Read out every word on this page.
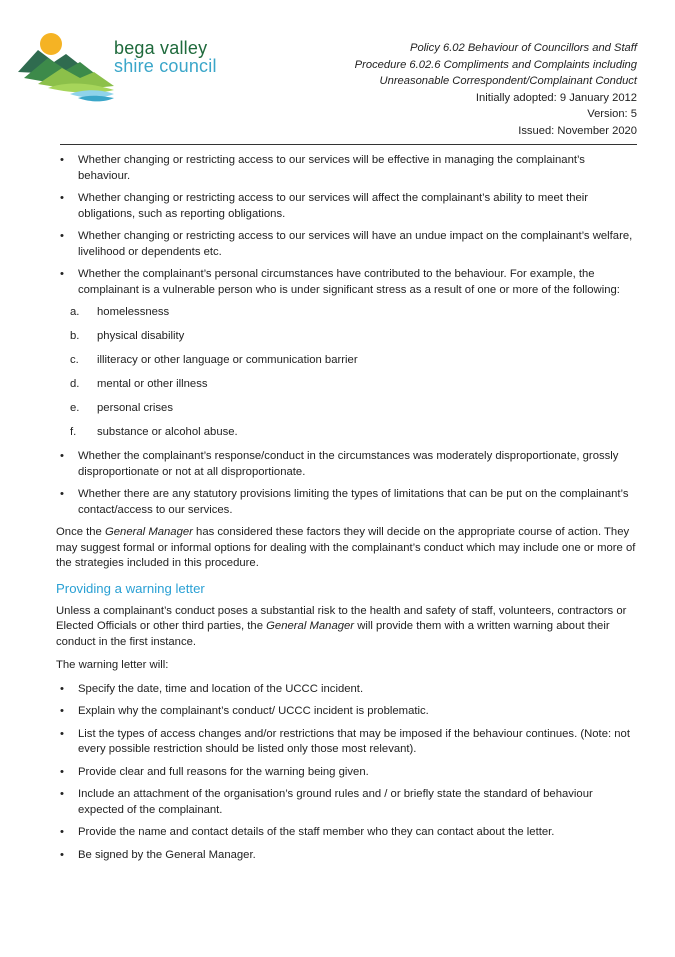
bega valley
shire council
Policy 6.02 Behaviour of Councillors and Staff
Procedure 6.02.6 Compliments and Complaints including
Unreasonable Correspondent/Complainant Conduct
Initially adopted: 9 January 2012
Version: 5
Issued: November 2020
• Whether changing or restricting access to our services will be effective in managing the complainant’s behaviour.
• Whether changing or restricting access to our services will affect the complainant’s ability to meet their obligations, such as reporting obligations.
• Whether changing or restricting access to our services will have an undue impact on the complainant’s welfare, livelihood or dependents etc.
• Whether the complainant’s personal circumstances have contributed to the behaviour. For example, the complainant is a vulnerable person who is under significant stress as a result of one or more of the following:
a. homelessness
b. physical disability
c. illiteracy or other language or communication barrier
d. mental or other illness
e. personal crises
f. substance or alcohol abuse.
• Whether the complainant’s response/conduct in the circumstances was moderately disproportionate, grossly disproportionate or not at all disproportionate.
• Whether there are any statutory provisions limiting the types of limitations that can be put on the complainant’s contact/access to our services.

Once the General Manager has considered these factors they will decide on the appropriate course of action. They may suggest formal or informal options for dealing with the complainant’s conduct which may include one or more of the strategies included in this procedure.

Providing a warning letter

Unless a complainant’s conduct poses a substantial risk to the health and safety of staff, volunteers, contractors or Elected Officials or other third parties, the General Manager will provide them with a written warning about their conduct in the first instance.

The warning letter will:

• Specify the date, time and location of the UCCC incident.
• Explain why the complainant’s conduct/ UCCC incident is problematic.
• List the types of access changes and/or restrictions that may be imposed if the behaviour continues. (Note: not every possible restriction should be listed only those most relevant).
• Provide clear and full reasons for the warning being given.
• Include an attachment of the organisation’s ground rules and / or briefly state the standard of behaviour expected of the complainant.
• Provide the name and contact details of the staff member who they can contact about the letter.
• Be signed by the General Manager.
